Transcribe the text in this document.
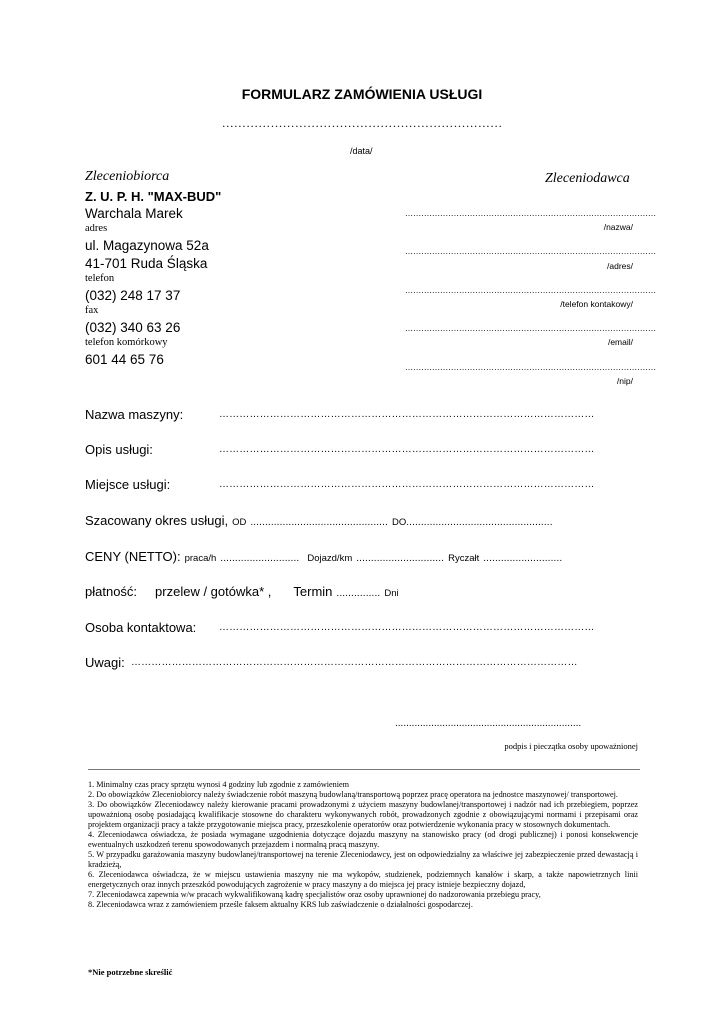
FORMULARZ ZAMÓWIENIA USŁUGI
……………………………………………………………
/data/
Zleceniobiorca
Z. U. P. H. "MAX-BUD"
Warchala Marek
adres
ul. Magazynowa 52a
41-701 Ruda Śląska
telefon
(032) 248 17 37
fax
(032) 340 63 26
telefon komórkowy
601 44 65 76
Zleceniodawca
…………………………………………………………………………………
/nazwa/
…………………………………………………………………………………
/adres/
…………………………………………………………………………………
/telefon kontakowy/
…………………………………………………………………………………
/email/
…………………………………………………………………………………
/nip/
Nazwa maszyny:	…………………………………………………………………………………………………
Opis usługi:	…………………………………………………………………………………………………
Miejsce usługi:	…………………………………………………………………………………………………
Szacowany okres usługi, OD ............................................... DO..................................................
CENY (NETTO): praca/h ........................... Dojazd/km .............................. Ryczałt ...........................
płatność: przelew / gotówka* , Termin ............... Dni
Osoba kontaktowa: …………………………………………………………………………………………………
Uwagi: ……………………………………………………………………………………………………………………
...................................................................
podpis i pieczątka osoby upoważnionej

1. Minimalny czas pracy sprzętu wynosi 4 godziny lub zgodnie z zamówieniem

2. Do obowiązków Zleceniobiorcy należy świadczenie robót maszyną budowlaną/transportową poprzez pracę operatora na jednostce maszynowej/ transportowej.

3. Do obowiązków Zleceniodawcy należy kierowanie pracami prowadzonymi z użyciem maszyny budowlanej/transportowej i nadzór nad ich przebiegiem, poprzez upoważnioną osobę posiadającą kwalifikacje stosowne do charakteru wykonywanych robót, prowadzonych zgodnie z obowiązującymi normami i przepisami oraz projektem organizacji pracy a także przygotowanie miejsca pracy, przeszkolenie operatorów oraz potwierdzenie wykonania pracy w stosownych dokumentach.

4. Zleceniodawca oświadcza, że posiada wymagane uzgodnienia dotyczące dojazdu maszyny na stanowisko pracy (od drogi publicznej) i ponosi konsekwencje ewentualnych uszkodzeń terenu spowodowanych przejazdem i normalną pracą maszyny.

5. W przypadku garażowania maszyny budowlanej/transportowej na terenie Zleceniodawcy, jest on odpowiedzialny za właściwe jej zabezpieczenie przed dewastacją i kradzieżą,

6. Zleceniodawca oświadcza, że w miejscu ustawienia maszyny nie ma wykopów, studzienek, podziemnych kanałów i skarp, a także napowietrznych linii energetycznych oraz innych przeszkód powodujących zagrożenie w pracy maszyny a do miejsca jej pracy istnieje bezpieczny dojazd,

7. Zleceniodawca zapewnia w/w pracach wykwalifikowaną kadrę specjalistów oraz osoby uprawnionej do nadzorowania przebiegu pracy,

8. Zleceniodawca wraz z zamówieniem prześle faksem aktualny KRS lub zaświadczenie o działalności gospodarczej.

*Nie potrzebne skreślić
